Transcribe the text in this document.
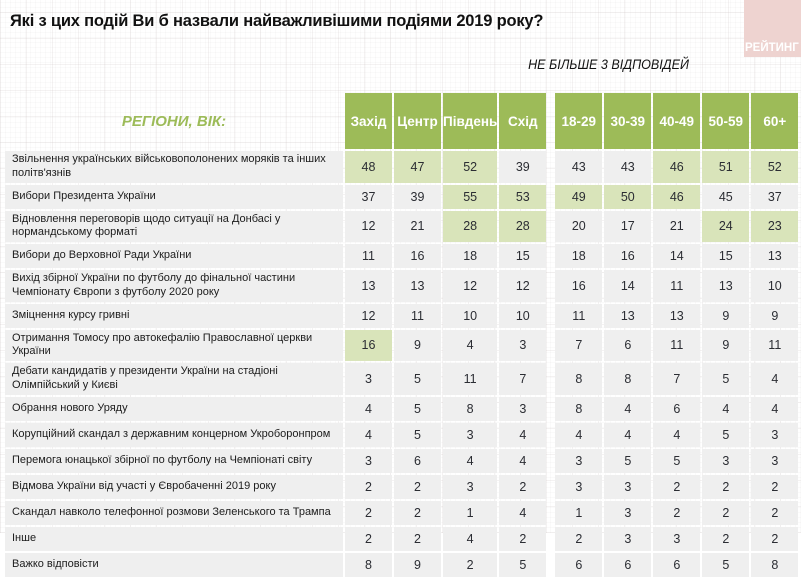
Які з цих подій Ви б назвали найважливішими подіями 2019 року?
РЕЙТИНГ
НЕ БІЛЬШЕ 3 ВІДПОВІДЕЙ
РЕГІОНИ, ВІК:	Захід	Центр	Південь	Схід		18-29	30-39	40-49	50-59	60+
Звільнення українських військовополонених моряків та інших політв'язнів	48	47	52	39		43	43	46	51	52
Вибори Президента України	37	39	55	53		49	50	46	45	37
Відновлення переговорів щодо ситуації на Донбасі у нормандському форматі	12	21	28	28		20	17	21	24	23
Вибори до Верховної Ради України	11	16	18	15		18	16	14	15	13
Вихід збірної України по футболу до фінальної частини Чемпіонату Європи з футболу 2020 року	13	13	12	12		16	14	11	13	10
Зміцнення курсу гривні	12	11	10	10		11	13	13	9	9
Отримання Томосу про автокефалію Православної церкви України	16	9	4	3		7	6	11	9	11
Дебати кандидатів у президенти України на стадіоні Олімпійський у Києві	3	5	11	7		8	8	7	5	4
Обрання нового Уряду	4	5	8	3		8	4	6	4	4
Корупційний скандал з державним концерном Укроборонпром	4	5	3	4		4	4	4	5	3
Перемога юнацької збірної по футболу на Чемпіонаті світу	3	6	4	4		3	5	5	3	3
Відмова України від участі у Євробаченні 2019 року	2	2	3	2		3	3	2	2	2
Скандал навколо телефонної розмови Зеленського та Трампа	2	2	1	4		1	3	2	2	2
Інше	2	2	4	2		2	3	3	2	2
Важко відповісти	8	9	2	5		6	6	6	5	8
